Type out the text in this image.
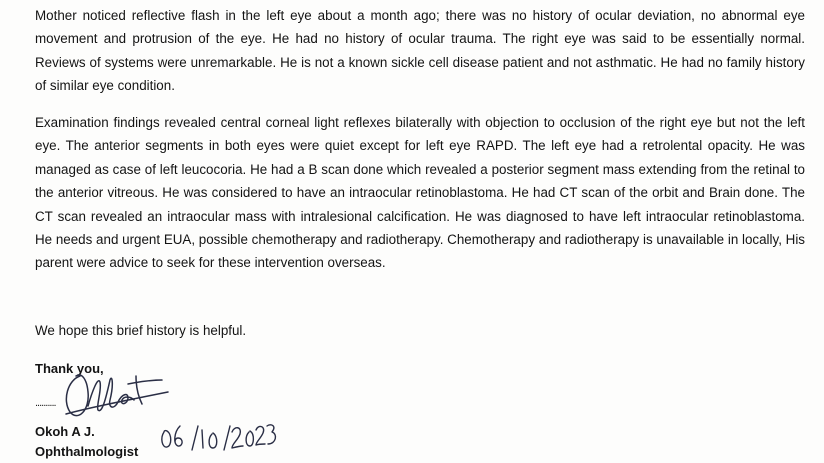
Mother noticed reflective flash in the left eye about a month ago; there was no history of ocular deviation, no abnormal eye movement and protrusion of the eye. He had no history of ocular trauma. The right eye was said to be essentially normal. Reviews of systems were unremarkable. He is not a known sickle cell disease patient and not asthmatic. He had no family history of similar eye condition.

Examination findings revealed central corneal light reflexes bilaterally with objection to occlusion of the right eye but not the left eye. The anterior segments in both eyes were quiet except for left eye RAPD. The left eye had a retrolental opacity. He was managed as case of left leucocoria. He had a B scan done which revealed a posterior segment mass extending from the retinal to the anterior vitreous. He was considered to have an intraocular retinoblastoma. He had CT scan of the orbit and Brain done. The CT scan revealed an intraocular mass with intralesional calcification. He was diagnosed to have left intraocular retinoblastoma. He needs and urgent EUA, possible chemotherapy and radiotherapy. Chemotherapy and radiotherapy is unavailable in locally, His parent were advice to seek for these intervention overseas.

We hope this brief history is helpful.

Thank you,
..........
Okoh A J.
Ophthalmologist
